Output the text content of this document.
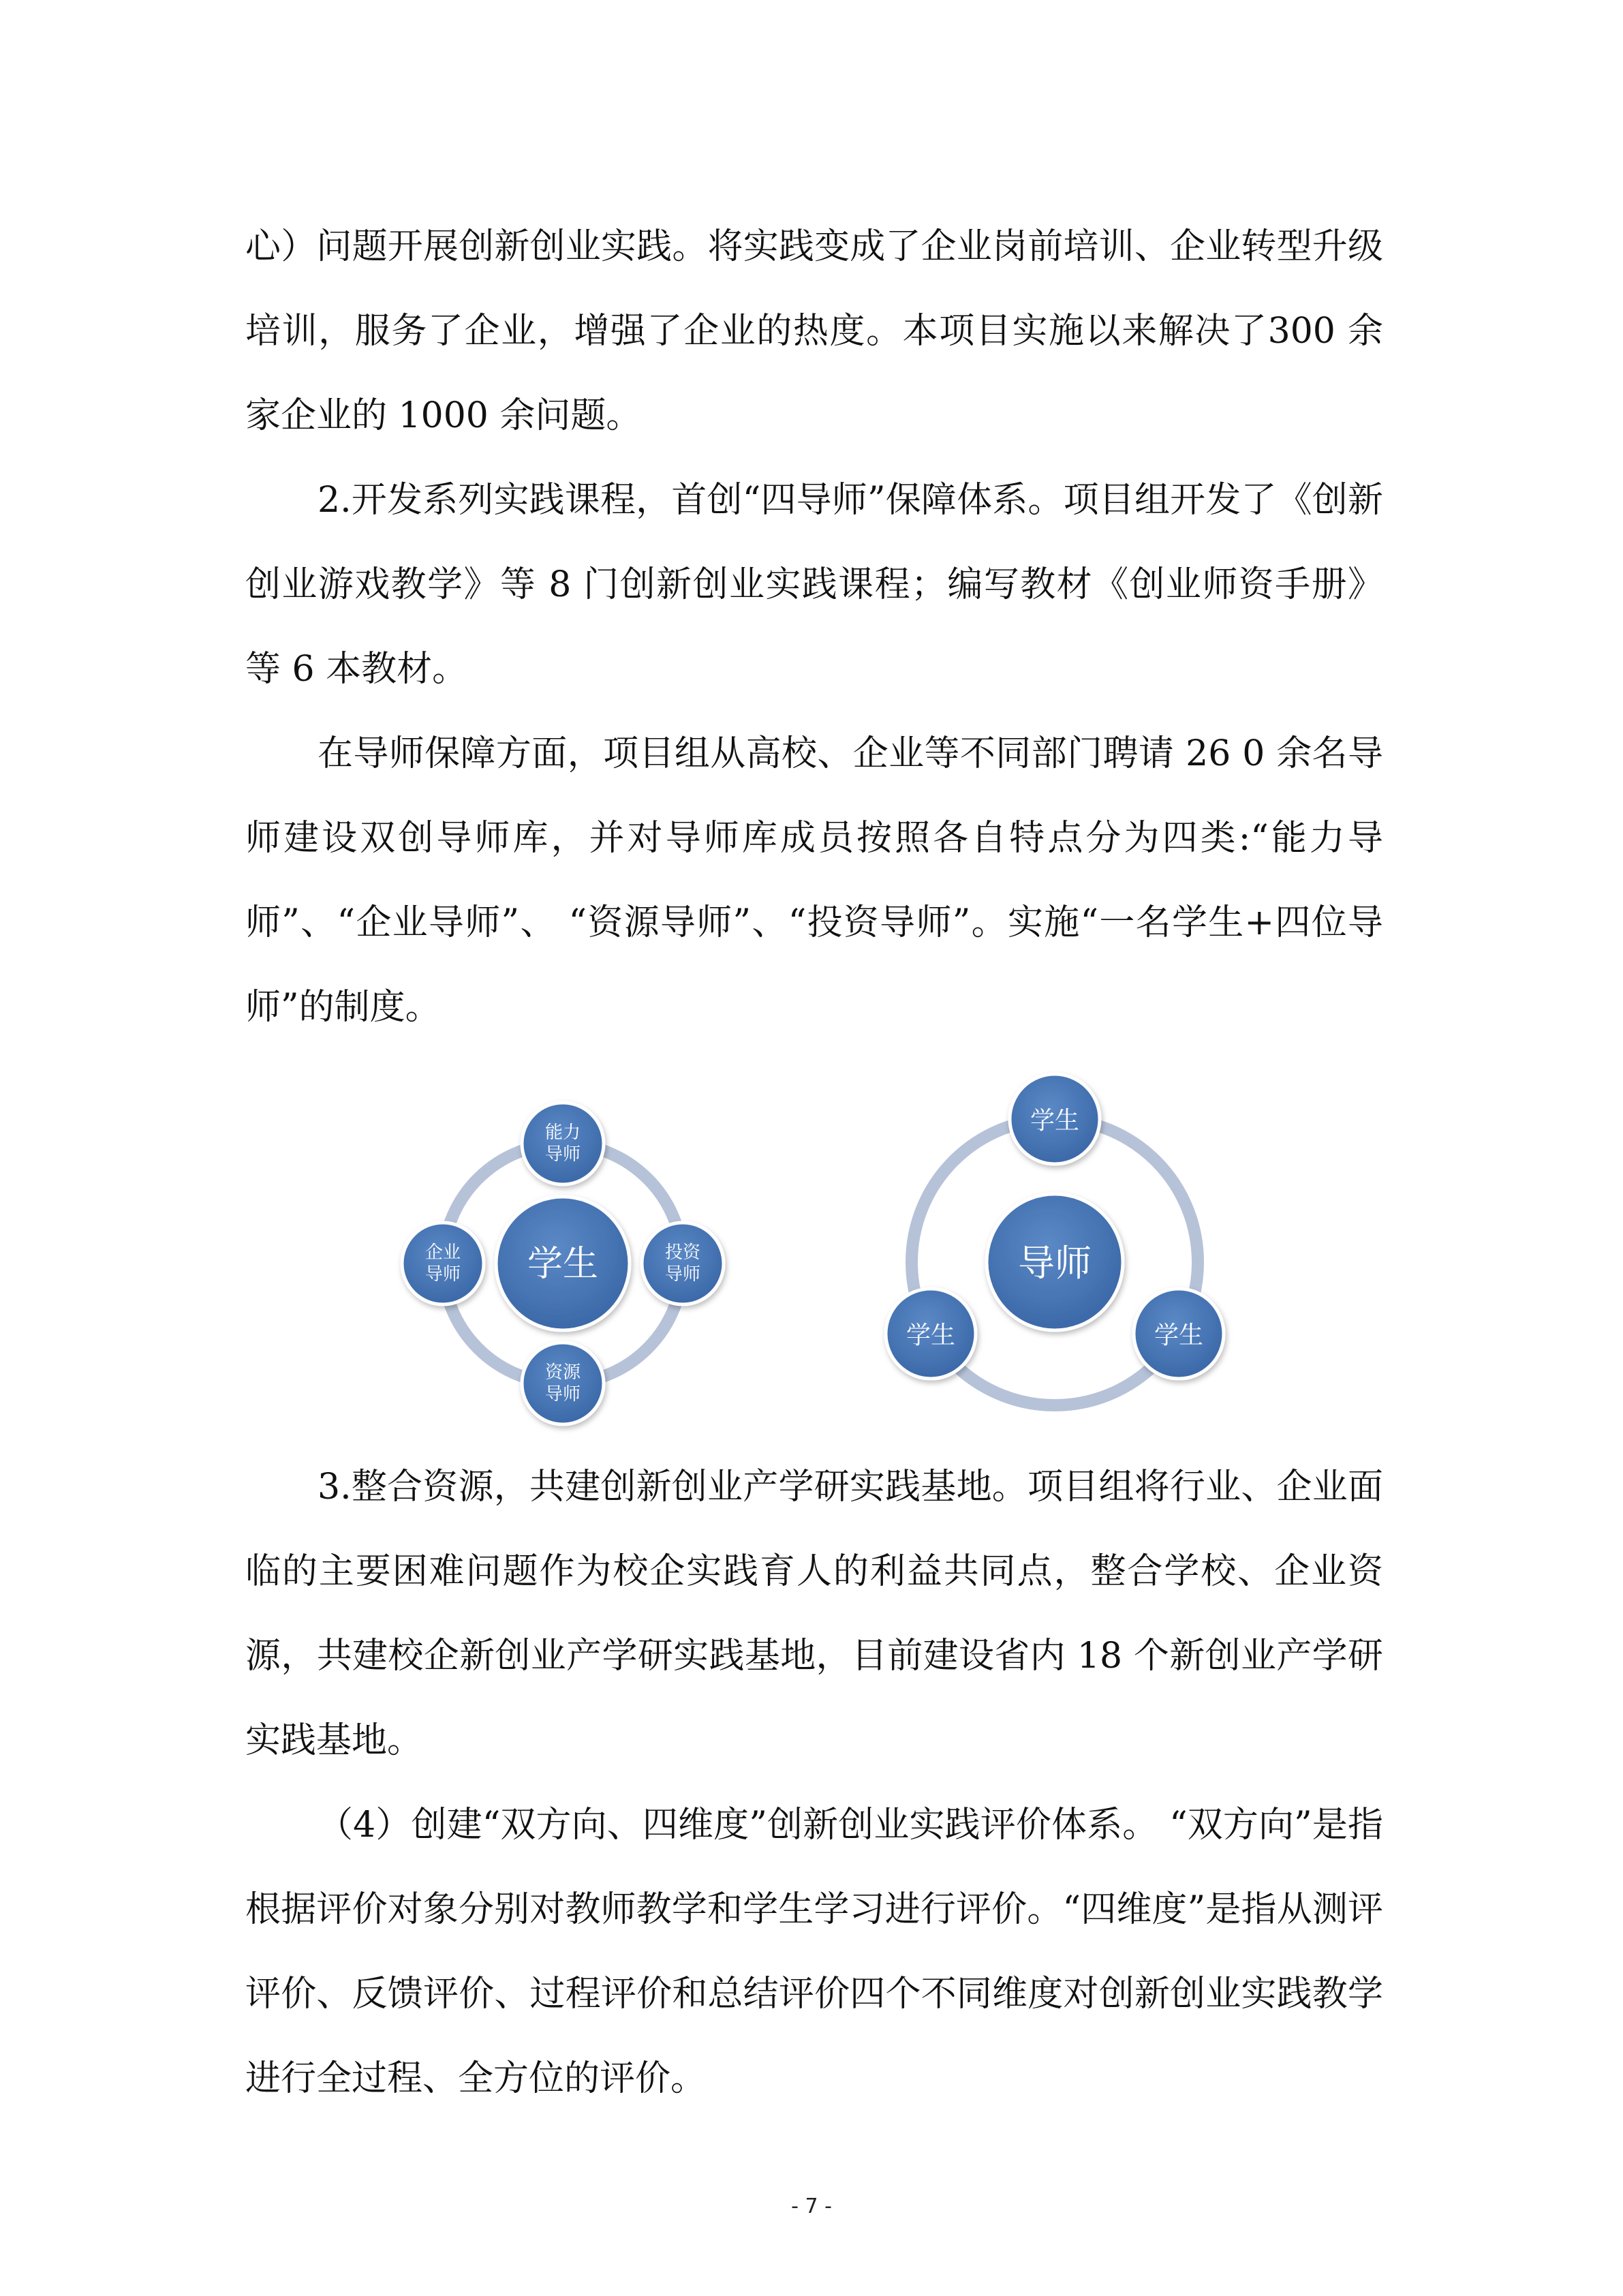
心）问题开展创新创业实践。将实践变成了企业岗前培训、企业转型升级培训，服务了企业，增强了企业的热度。本项目实施以来解决了300 余家企业的 1000 余问题。

2.开发系列实践课程，首创“四导师”保障体系。项目组开发了《创新创业游戏教学》等 8 门创新创业实践课程；编写教材《创业师资手册》等 6 本教材。

在导师保障方面，项目组从高校、企业等不同部门聘请 26 0 余名导师建设双创导师库，并对导师库成员按照各自特点分为四类:“能力导师”、“企业导师”、 “资源导师”、“投资导师”。实施“一名学生+四位导师”的制度。

学生
能力
导师
企业
导师
投资
导师
资源
导师
导师
学生
学生	学生

3.整合资源，共建创新创业产学研实践基地。项目组将行业、企业面临的主要困难问题作为校企实践育人的利益共同点，整合学校、企业资源，共建校企新创业产学研实践基地，目前建设省内 18 个新创业产学研实践基地。

（4）创建“双方向、四维度”创新创业实践评价体系。 “双方向”是指根据评价对象分别对教师教学和学生学习进行评价。“四维度”是指从测评评价、反馈评价、过程评价和总结评价四个不同维度对创新创业实践教学进行全过程、全方位的评价。

- 7 -
